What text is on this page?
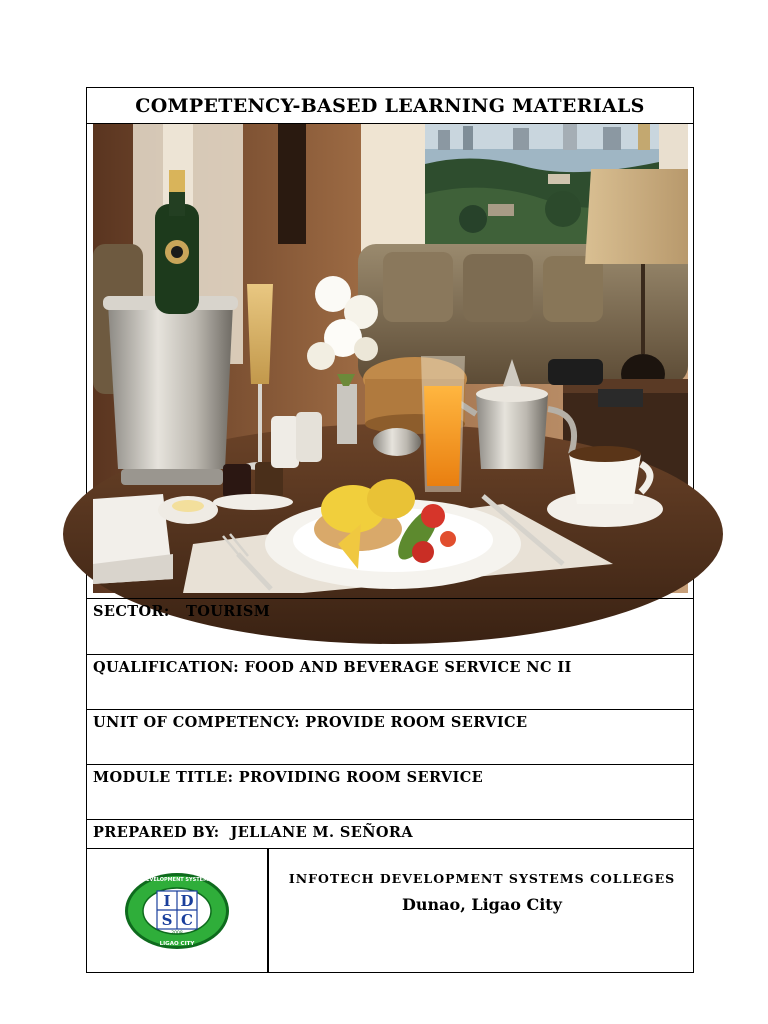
COMPETENCY-BASED LEARNING MATERIALS
SECTOR:   TOURISM
QUALIFICATION: FOOD AND BEVERAGE SERVICE NC II
UNIT OF COMPETENCY: PROVIDE ROOM SERVICE
MODULE TITLE: PROVIDING ROOM SERVICE
PREPARED BY:  JELLANE M. SEÑORA
I D
S C
2008
INFOTECH DEVELOPMENT SYSTEMS COLLEGES
LIGAO CITY
INFOTECH DEVELOPMENT SYSTEMS COLLEGES
Dunao, Ligao City
